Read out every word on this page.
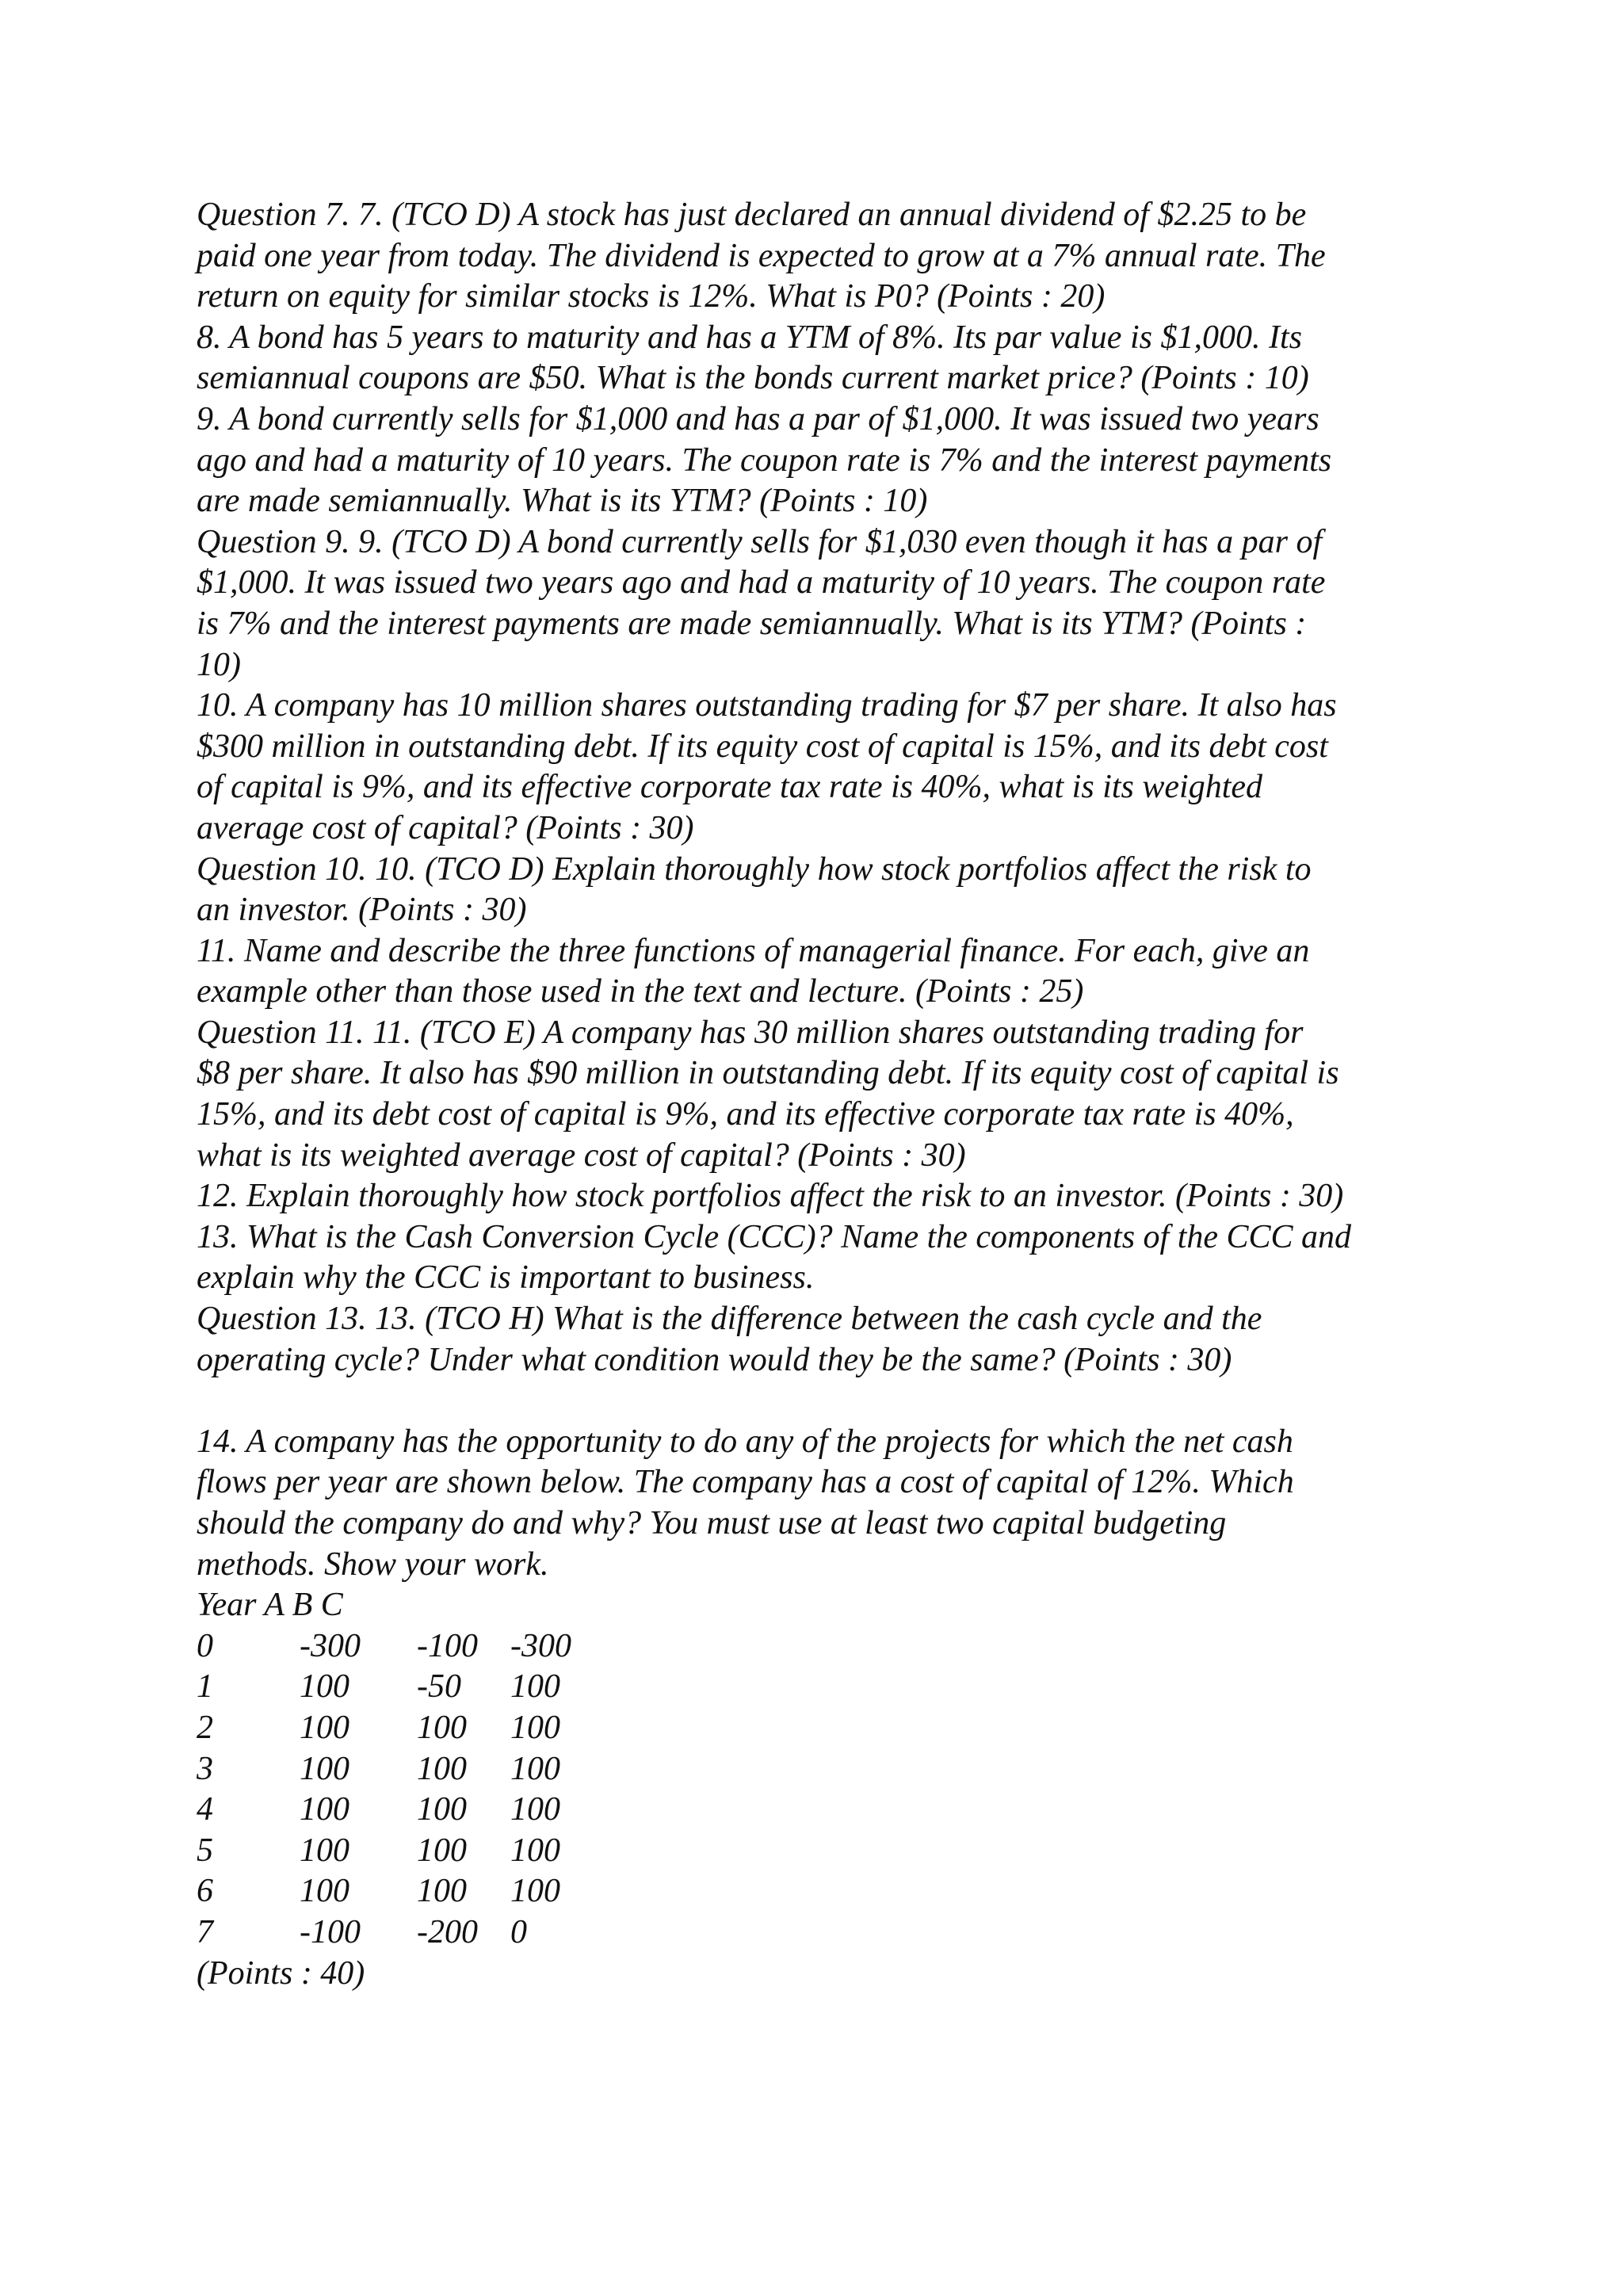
Question 7. 7. (TCO D) A stock has just declared an annual dividend of $2.25 to be
paid one year from today. The dividend is expected to grow at a 7% annual rate. The
return on equity for similar stocks is 12%. What is P0? (Points : 20)

8. A bond has 5 years to maturity and has a YTM of 8%. Its par value is $1,000. Its
semiannual coupons are $50. What is the bonds current market price? (Points : 10)

9. A bond currently sells for $1,000 and has a par of $1,000. It was issued two years
ago and had a maturity of 10 years. The coupon rate is 7% and the interest payments
are made semiannually. What is its YTM? (Points : 10)

Question 9. 9. (TCO D) A bond currently sells for $1,030 even though it has a par of
$1,000. It was issued two years ago and had a maturity of 10 years. The coupon rate
is 7% and the interest payments are made semiannually. What is its YTM? (Points :
10)

10. A company has 10 million shares outstanding trading for $7 per share. It also has
$300 million in outstanding debt. If its equity cost of capital is 15%, and its debt cost
of capital is 9%, and its effective corporate tax rate is 40%, what is its weighted
average cost of capital? (Points : 30)

Question 10. 10. (TCO D) Explain thoroughly how stock portfolios affect the risk to
an investor. (Points : 30)

11. Name and describe the three functions of managerial finance. For each, give an
example other than those used in the text and lecture. (Points : 25)

Question 11. 11. (TCO E) A company has 30 million shares outstanding trading for
$8 per share. It also has $90 million in outstanding debt. If its equity cost of capital is
15%, and its debt cost of capital is 9%, and its effective corporate tax rate is 40%,
what is its weighted average cost of capital? (Points : 30)

12. Explain thoroughly how stock portfolios affect the risk to an investor. (Points : 30)

13. What is the Cash Conversion Cycle (CCC)? Name the components of the CCC and
explain why the CCC is important to business.

Question 13. 13. (TCO H) What is the difference between the cash cycle and the
operating cycle? Under what condition would they be the same? (Points : 30)

14. A company has the opportunity to do any of the projects for which the net cash
flows per year are shown below. The company has a cost of capital of 12%. Which
should the company do and why? You must use at least two capital budgeting
methods. Show your work.

Year A B C

0	-300	-100	-300
1	100	-50	100
2	100	100	100
3	100	100	100
4	100	100	100
5	100	100	100
6	100	100	100
7	-100	-200	0

(Points : 40)
